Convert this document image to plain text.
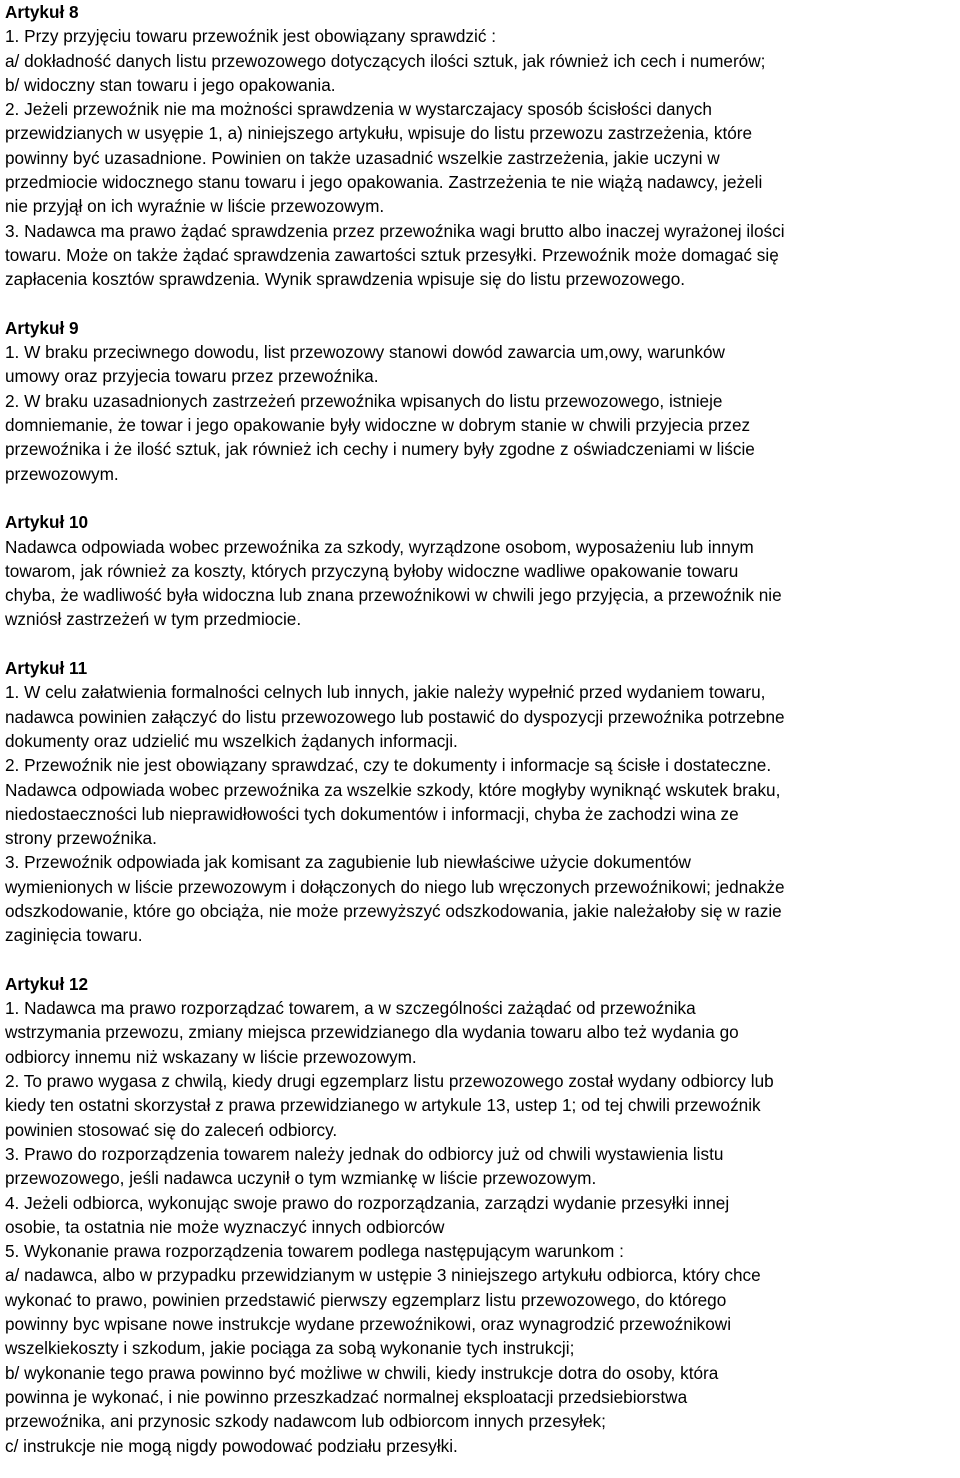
Artykuł 8
1. Przy przyjęciu towaru przewoźnik jest obowiązany sprawdzić :
a/ dokładność danych listu przewozowego dotyczących ilości sztuk, jak również ich cech i numerów;
b/ widoczny stan towaru i jego opakowania.
2. Jeżeli przewoźnik nie ma możności sprawdzenia w wystarczajacy sposób ścisłości danych
przewidzianych w usyępie 1, a) niniejszego artykułu, wpisuje do listu przewozu zastrzeżenia, które
powinny być uzasadnione. Powinien on także uzasadnić wszelkie zastrzeżenia, jakie uczyni w
przedmiocie widocznego stanu towaru i jego opakowania. Zastrzeżenia te nie wiążą nadawcy, jeżeli
nie przyjął on ich wyraźnie w liście przewozowym.
3. Nadawca ma prawo żądać sprawdzenia przez przewoźnika wagi brutto albo inaczej wyrażonej ilości
towaru. Może on także żądać sprawdzenia zawartości sztuk przesyłki. Przewoźnik może domagać się
zapłacenia kosztów sprawdzenia. Wynik sprawdzenia wpisuje się do listu przewozowego.
Artykuł 9
1. W braku przeciwnego dowodu, list przewozowy stanowi dowód zawarcia um,owy, warunków
umowy oraz przyjecia towaru przez przewoźnika.
2. W braku uzasadnionych zastrzeżeń przewoźnika wpisanych do listu przewozowego, istnieje
domniemanie, że towar i jego opakowanie były widoczne w dobrym stanie w chwili przyjecia przez
przewoźnika i że ilość sztuk, jak również ich cechy i numery były zgodne z oświadczeniami w liście
przewozowym.
Artykuł 10
Nadawca odpowiada wobec przewoźnika za szkody, wyrządzone osobom, wyposażeniu lub innym
towarom, jak również za koszty, których przyczyną byłoby widoczne wadliwe opakowanie towaru
chyba, że wadliwość była widoczna lub znana przewoźnikowi w chwili jego przyjęcia, a przewoźnik nie
wzniósł zastrzeżeń w tym przedmiocie.
Artykuł 11
1. W celu załatwienia formalności celnych lub innych, jakie należy wypełnić przed wydaniem towaru,
nadawca powinien załączyć do listu przewozowego lub postawić do dyspozycji przewoźnika potrzebne
dokumenty oraz udzielić mu wszelkich żądanych informacji.
2. Przewoźnik nie jest obowiązany sprawdzać, czy te dokumenty i informacje są ścisłe i dostateczne.
Nadawca odpowiada wobec przewoźnika za wszelkie szkody, które mogłyby wyniknąć wskutek braku,
niedostaeczności lub nieprawidłowości tych dokumentów i informacji, chyba że zachodzi wina ze
strony przewoźnika.
3. Przewoźnik odpowiada jak komisant za zagubienie lub niewłaściwe użycie dokumentów
wymienionych w liście przewozowym i dołączonych do niego lub wręczonych przewoźnikowi; jednakże
odszkodowanie, które go obciąża, nie może przewyższyć odszkodowania, jakie należałoby się w razie
zaginięcia towaru.
Artykuł 12
1. Nadawca ma prawo rozporządzać towarem, a w szczególności zażądać od przewoźnika
wstrzymania przewozu, zmiany miejsca przewidzianego dla wydania towaru albo też wydania go
odbiorcy innemu niż wskazany w liście przewozowym.
2. To prawo wygasa z chwilą, kiedy drugi egzemplarz listu przewozowego został wydany odbiorcy lub
kiedy ten ostatni skorzystał z prawa przewidzianego w artykule 13, ustep 1; od tej chwili przewoźnik
powinien stosować się do zaleceń odbiorcy.
3. Prawo do rozporządzenia towarem należy jednak do odbiorcy już od chwili wystawienia listu
przewozowego, jeśli nadawca uczynił o tym wzmiankę w liście przewozowym.
4. Jeżeli odbiorca, wykonując swoje prawo do rozporządzania, zarządzi wydanie przesyłki innej
osobie, ta ostatnia nie może wyznaczyć innych odbiorców
5. Wykonanie prawa rozporządzenia towarem podlega następującym warunkom :
a/ nadawca, albo w przypadku przewidzianym w ustępie 3 niniejszego artykułu odbiorca, który chce
wykonać to prawo, powinien przedstawić pierwszy egzemplarz listu przewozowego, do którego
powinny byc wpisane nowe instrukcje wydane przewoźnikowi, oraz wynagrodzić przewoźnikowi
wszelkiekoszty i szkodum, jakie pociąga za sobą wykonanie tych instrukcji;
b/ wykonanie tego prawa powinno być możliwe w chwili, kiedy instrukcje dotra do osoby, która
powinna je wykonać, i nie powinno przeszkadzać normalnej eksploatacji przedsiebiorstwa
przewoźnika, ani przynosic szkody nadawcom lub odbiorcom innych przesyłek;
c/ instrukcje nie mogą nigdy powodować podziału przesyłki.
